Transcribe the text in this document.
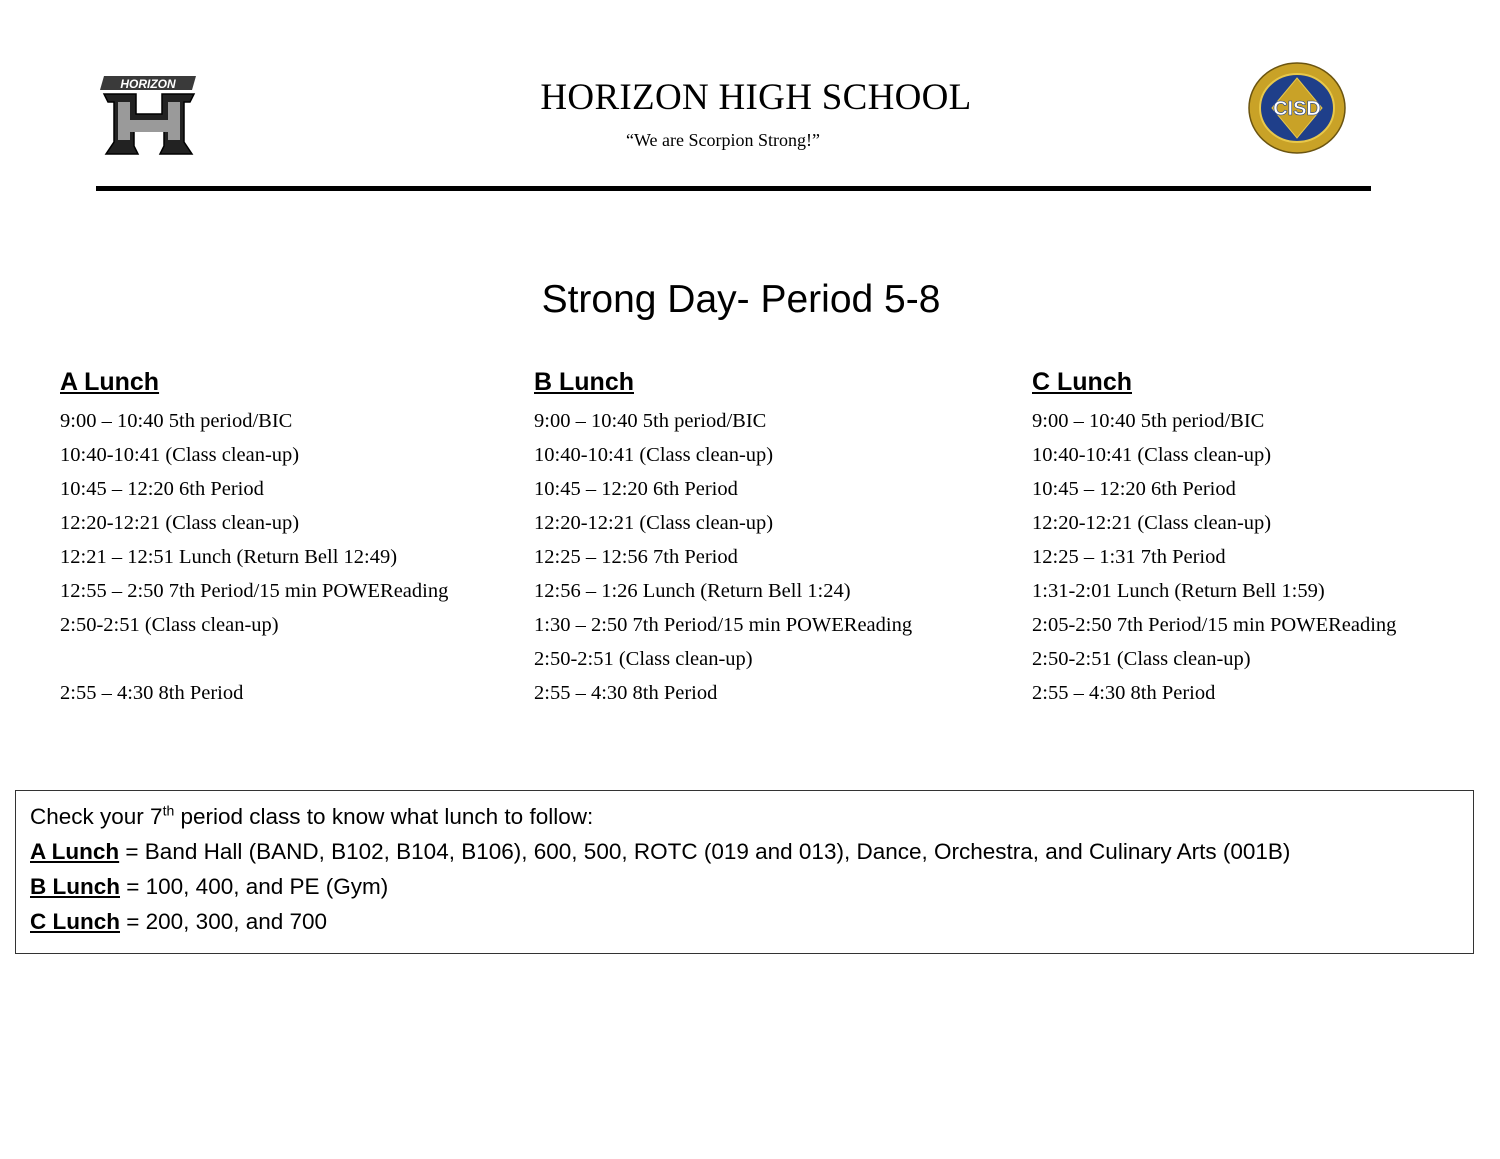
HORIZON	HORIZON HIGH SCHOOL
“We are Scorpion Strong!”
CISD
Strong Day- Period 5-8
A Lunch
9:00 – 10:40 5th period/BIC
10:40-10:41 (Class clean-up)
10:45 – 12:20 6th Period
12:20-12:21 (Class clean-up)
12:21 – 12:51 Lunch (Return Bell 12:49)
12:55 – 2:50 7th Period/15 min POWEReading
2:50-2:51 (Class clean-up)
2:55 – 4:30 8th Period
B Lunch
9:00 – 10:40 5th period/BIC
10:40-10:41 (Class clean-up)
10:45 – 12:20 6th Period
12:20-12:21 (Class clean-up)
12:25 – 12:56 7th Period
12:56 – 1:26 Lunch (Return Bell 1:24)
1:30 – 2:50 7th Period/15 min POWEReading
2:50-2:51 (Class clean-up)
2:55 – 4:30 8th Period
C Lunch
9:00 – 10:40 5th period/BIC
10:40-10:41 (Class clean-up)
10:45 – 12:20 6th Period
12:20-12:21 (Class clean-up)
12:25 – 1:31 7th Period
1:31-2:01 Lunch (Return Bell 1:59)
2:05-2:50 7th Period/15 min POWEReading
2:50-2:51 (Class clean-up)
2:55 – 4:30 8th Period
Check your 7th period class to know what lunch to follow:
A Lunch = Band Hall (BAND, B102, B104, B106), 600, 500, ROTC (019 and 013), Dance, Orchestra, and Culinary Arts (001B)
B Lunch = 100, 400, and PE (Gym)
C Lunch = 200, 300, and 700
